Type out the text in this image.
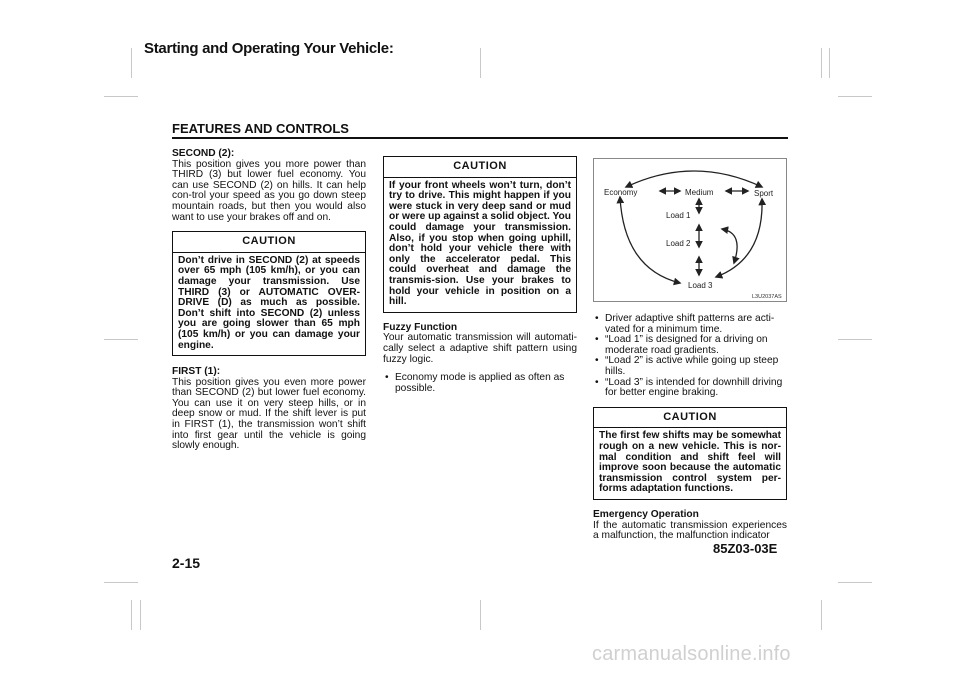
Starting and Operating Your Vehicle:
FEATURES AND CONTROLS

SECOND (2):

This position gives you more power than THIRD (3) but lower fuel economy. You can use SECOND (2) on hills. It can help con-trol your speed as you go down steep mountain roads, but then you would also want to use your brakes off and on.

CAUTION
Don’t drive in SECOND (2) at speeds over 65 mph (105 km/h), or you can damage your transmission. Use THIRD (3) or AUTOMATIC OVER-DRIVE (D) as much as possible. Don’t shift into SECOND (2) unless you are going slower than 65 mph (105 km/h) or you can damage your engine.

FIRST (1):

This position gives you even more power than SECOND (2) but lower fuel economy. You can use it on very steep hills, or in deep snow or mud. If the shift lever is put in FIRST (1), the transmission won’t shift into first gear until the vehicle is going slowly enough.

CAUTION
If your front wheels won’t turn, don’t try to drive. This might happen if you were stuck in very deep sand or mud or were up against a solid object. You could damage your transmission. Also, if you stop when going uphill, don’t hold your vehicle there with only the accelerator pedal. This could overheat and damage the transmis-sion. Use your brakes to hold your vehicle in position on a hill.

Fuzzy Function

Your automatic transmission will automati-cally select a adaptive shift pattern using fuzzy logic.

• Economy mode is applied as often as possible.
Economy	Medium	Sport
Load 1
Load 2
Load 3
L3U2037AS
• Driver adaptive shift patterns are acti-vated for a minimum time.
• “Load 1” is designed for a driving on moderate road gradients.
• “Load 2” is active while going up steep hills.
• “Load 3” is intended for downhill driving for better engine braking.
CAUTION
The first few shifts may be somewhat rough on a new vehicle. This is nor-mal condition and shift feel will improve soon because the automatic transmission control system per-forms adaptation functions.

Emergency Operation

If the automatic transmission experiences a malfunction, the malfunction indicator

2-15
85Z03-03E
carmanualsonline.info
